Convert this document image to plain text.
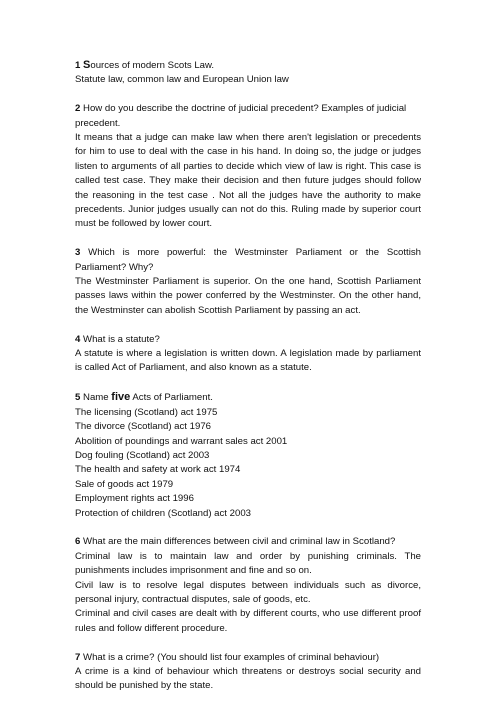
1 Sources of modern Scots Law.

Statute law, common law and European Union law

2 How do you describe the doctrine of judicial precedent? Examples of judicial precedent.

It means that a judge can make law when there aren't legislation or precedents for him to use to deal with the case in his hand. In doing so, the judge or judges listen to arguments of all parties to decide which view of law is right. This case is called test case. They make their decision and then future judges should follow the reasoning in the test case . Not all the judges have the authority to make precedents. Junior judges usually can not do this. Ruling made by superior court must be followed by lower court.

3 Which is more powerful: the Westminster Parliament or the Scottish Parliament? Why?

The Westminster Parliament is superior. On the one hand, Scottish Parliament passes laws within the power conferred by the Westminster. On the other hand, the Westminster can abolish Scottish Parliament by passing an act.

4 What is a statute?

A statute is where a legislation is written down. A legislation made by parliament is called Act of Parliament, and also known as a statute.

5 Name five Acts of Parliament.

The licensing (Scotland) act 1975

The divorce (Scotland) act 1976

Abolition of poundings and warrant sales act 2001

Dog fouling (Scotland) act 2003

The health and safety at work act 1974

Sale of goods act 1979

Employment rights act 1996

Protection of children (Scotland) act 2003

6 What are the main differences between civil and criminal law in Scotland?

Criminal law is to maintain law and order by punishing criminals. The punishments includes imprisonment and fine and so on.

Civil law is to resolve legal disputes between individuals such as divorce, personal injury, contractual disputes, sale of goods, etc.

Criminal and civil cases are dealt with by different courts, who use different proof rules and follow different procedure.

7 What is a crime? (You should list four examples of criminal behaviour)

A crime is a kind of behaviour which threatens or destroys social security and should be punished by the state.
